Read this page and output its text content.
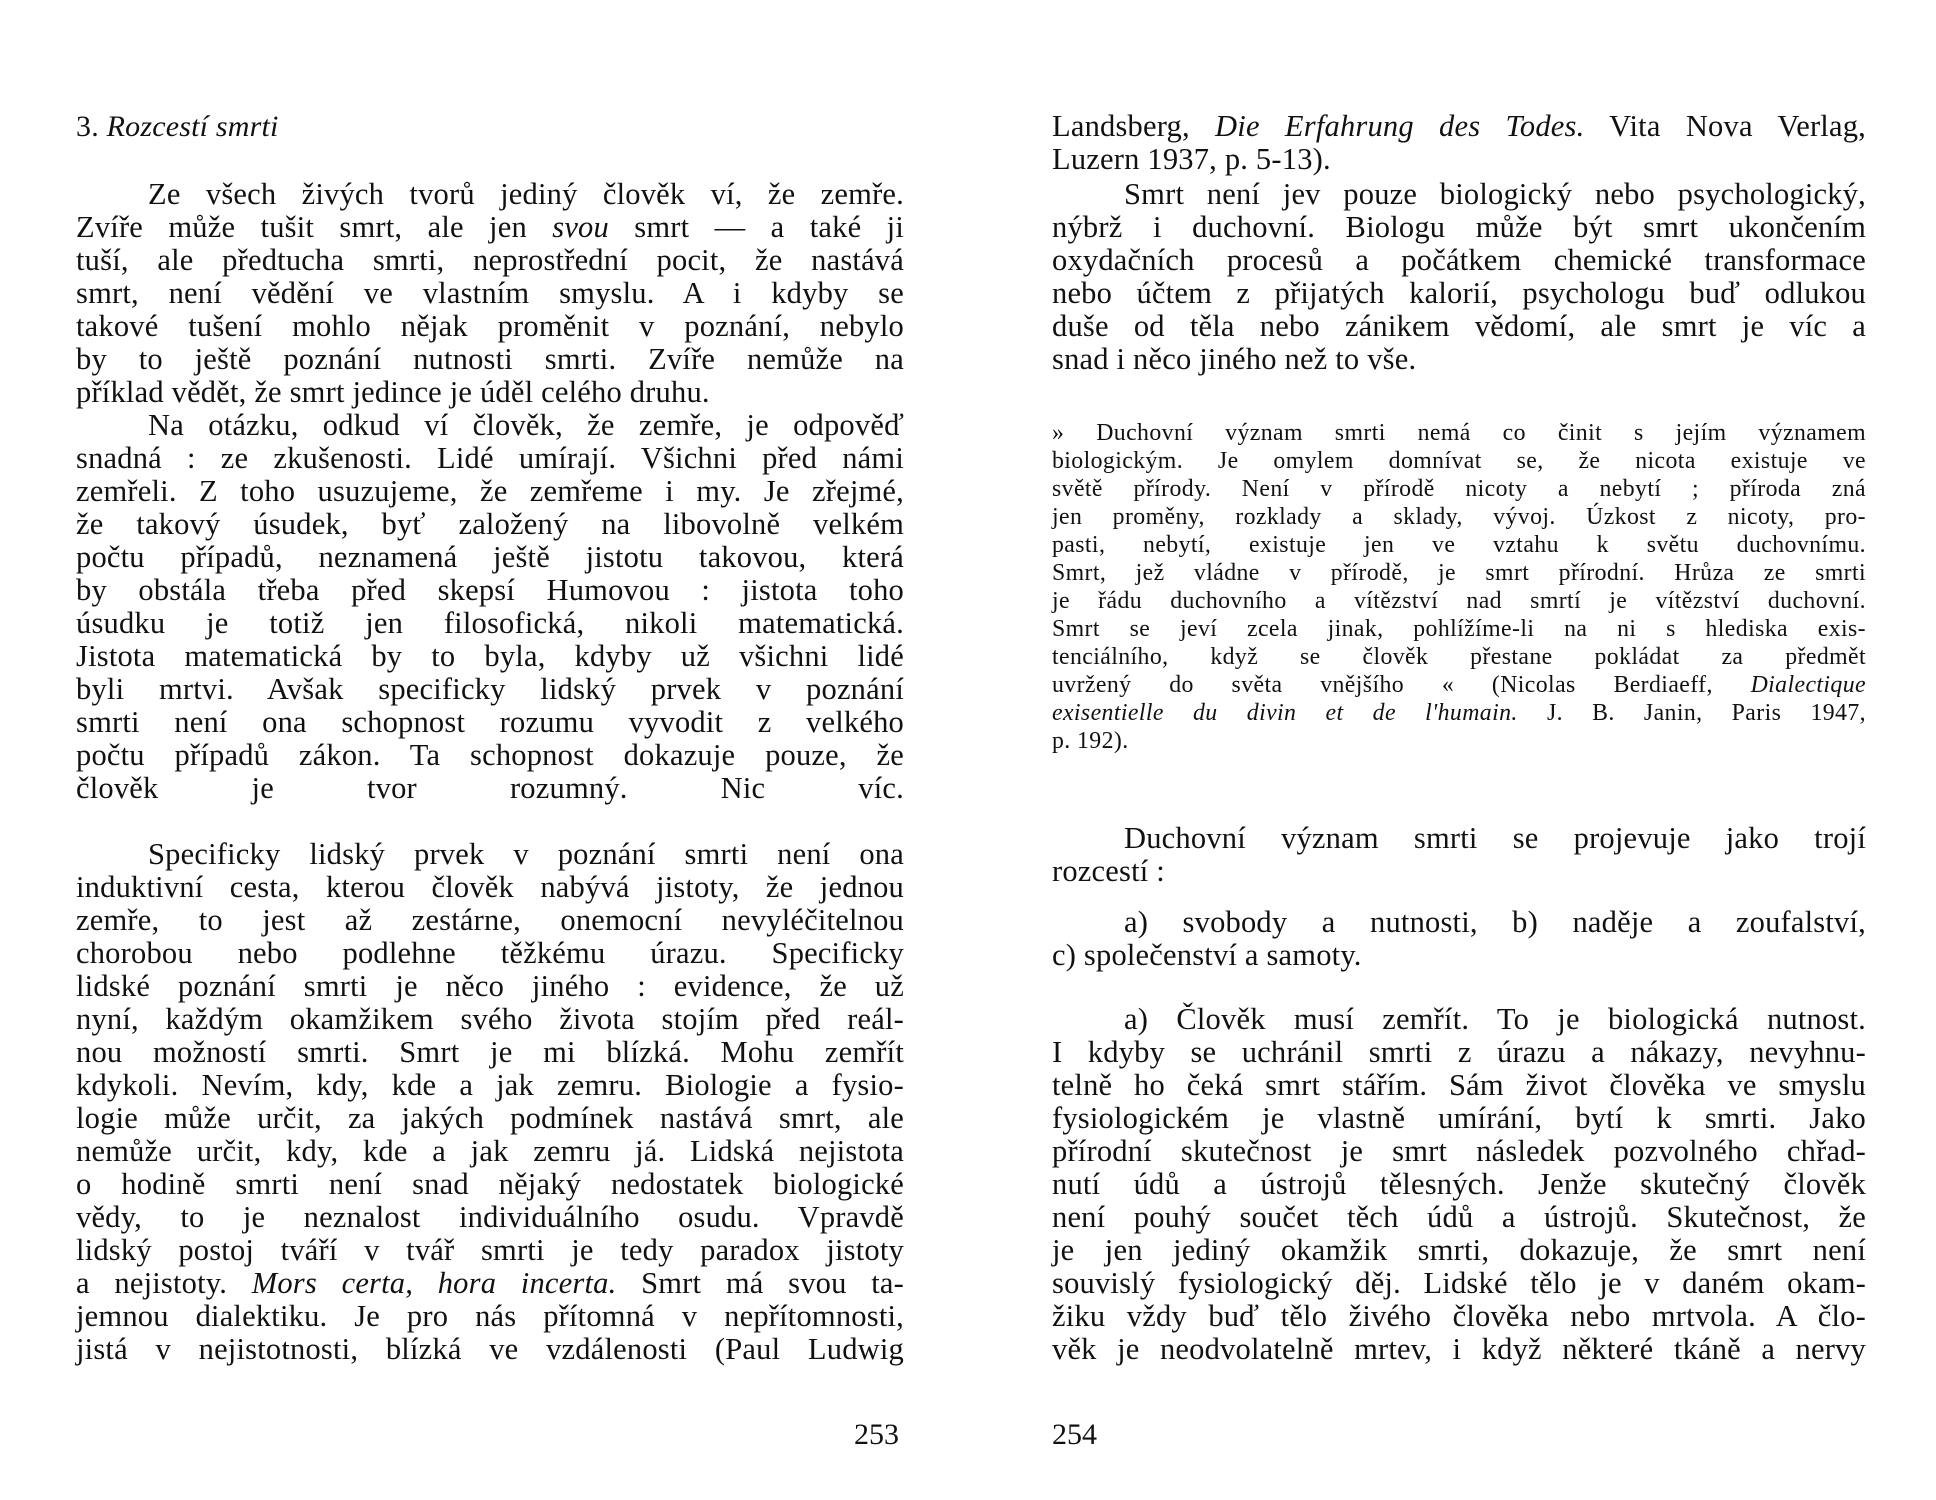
3. Rozcestí smrti
Ze všech živých tvorů jediný člověk ví, že zemře.
Zvíře může tušit smrt, ale jen svou smrt — a také ji
tuší, ale předtucha smrti, neprostřední pocit, že nastává
smrt, není vědění ve vlastním smyslu. A i kdyby se
takové tušení mohlo nějak proměnit v poznání, nebylo
by to ještě poznání nutnosti smrti. Zvíře nemůže na
příklad vědět, že smrt jedince je úděl celého druhu.
Na otázku, odkud ví člověk, že zemře, je odpověď
snadná : ze zkušenosti. Lidé umírají. Všichni před námi
zemřeli. Z toho usuzujeme, že zemřeme i my. Je zřejmé,
že takový úsudek, byť založený na libovolně velkém
počtu případů, neznamená ještě jistotu takovou, která
by obstála třeba před skepsí Humovou : jistota toho
úsudku je totiž jen filosofická, nikoli matematická.
Jistota matematická by to byla, kdyby už všichni lidé
byli mrtvi. Avšak specificky lidský prvek v poznání
smrti není ona schopnost rozumu vyvodit z velkého
počtu případů zákon. Ta schopnost dokazuje pouze, že
člověk je tvor rozumný. Nic víc.
Specificky lidský prvek v poznání smrti není ona
induktivní cesta, kterou člověk nabývá jistoty, že jednou
zemře, to jest až zestárne, onemocní nevyléčitelnou
chorobou nebo podlehne těžkému úrazu. Specificky
lidské poznání smrti je něco jiného : evidence, že už
nyní, každým okamžikem svého života stojím před reál-
nou možností smrti. Smrt je mi blízká. Mohu zemřít
kdykoli. Nevím, kdy, kde a jak zemru. Biologie a fysio-
logie může určit, za jakých podmínek nastává smrt, ale
nemůže určit, kdy, kde a jak zemru já. Lidská nejistota
o hodině smrti není snad nějaký nedostatek biologické
vědy, to je neznalost individuálního osudu. Vpravdě
lidský postoj tváří v tvář smrti je tedy paradox jistoty
a nejistoty. Mors certa, hora incerta. Smrt má svou ta-
jemnou dialektiku. Je pro nás přítomná v nepřítomnosti,
jistá v nejistotnosti, blízká ve vzdálenosti (Paul Ludwig
253
Landsberg, Die Erfahrung des Todes. Vita Nova Verlag,
Luzern 1937, p. 5-13).
Smrt není jev pouze biologický nebo psychologický,
nýbrž i duchovní. Biologu může být smrt ukončením
oxydačních procesů a počátkem chemické transformace
nebo účtem z přijatých kalorií, psychologu buď odlukou
duše od těla nebo zánikem vědomí, ale smrt je víc a
snad i něco jiného než to vše.
» Duchovní význam smrti nemá co činit s jejím významem
biologickým. Je omylem domnívat se, že nicota existuje ve
světě přírody. Není v přírodě nicoty a nebytí ; příroda zná
jen proměny, rozklady a sklady, vývoj. Úzkost z nicoty, pro-
pasti, nebytí, existuje jen ve vztahu k světu duchovnímu.
Smrt, jež vládne v přírodě, je smrt přírodní. Hrůza ze smrti
je řádu duchovního a vítězství nad smrtí je vítězství duchovní.
Smrt se jeví zcela jinak, pohlížíme-li na ni s hlediska exis-
tenciálního, když se člověk přestane pokládat za předmět
uvržený do světa vnějšího « (Nicolas Berdiaeff, Dialectique
exisentielle du divin et de l'humain. J. B. Janin, Paris 1947,
p. 192).
Duchovní význam smrti se projevuje jako trojí
rozcestí :
a) svobody a nutnosti, b) naděje a zoufalství,
c) společenství a samoty.
a) Člověk musí zemřít. To je biologická nutnost.
I kdyby se uchránil smrti z úrazu a nákazy, nevyhnu-
telně ho čeká smrt stářím. Sám život člověka ve smyslu
fysiologickém je vlastně umírání, bytí k smrti. Jako
přírodní skutečnost je smrt následek pozvolného chřad-
nutí údů a ústrojů tělesných. Jenže skutečný člověk
není pouhý součet těch údů a ústrojů. Skutečnost, že
je jen jediný okamžik smrti, dokazuje, že smrt není
souvislý fysiologický děj. Lidské tělo je v daném okam-
žiku vždy buď tělo živého člověka nebo mrtvola. A člo-
věk je neodvolatelně mrtev, i když některé tkáně a nervy
254
